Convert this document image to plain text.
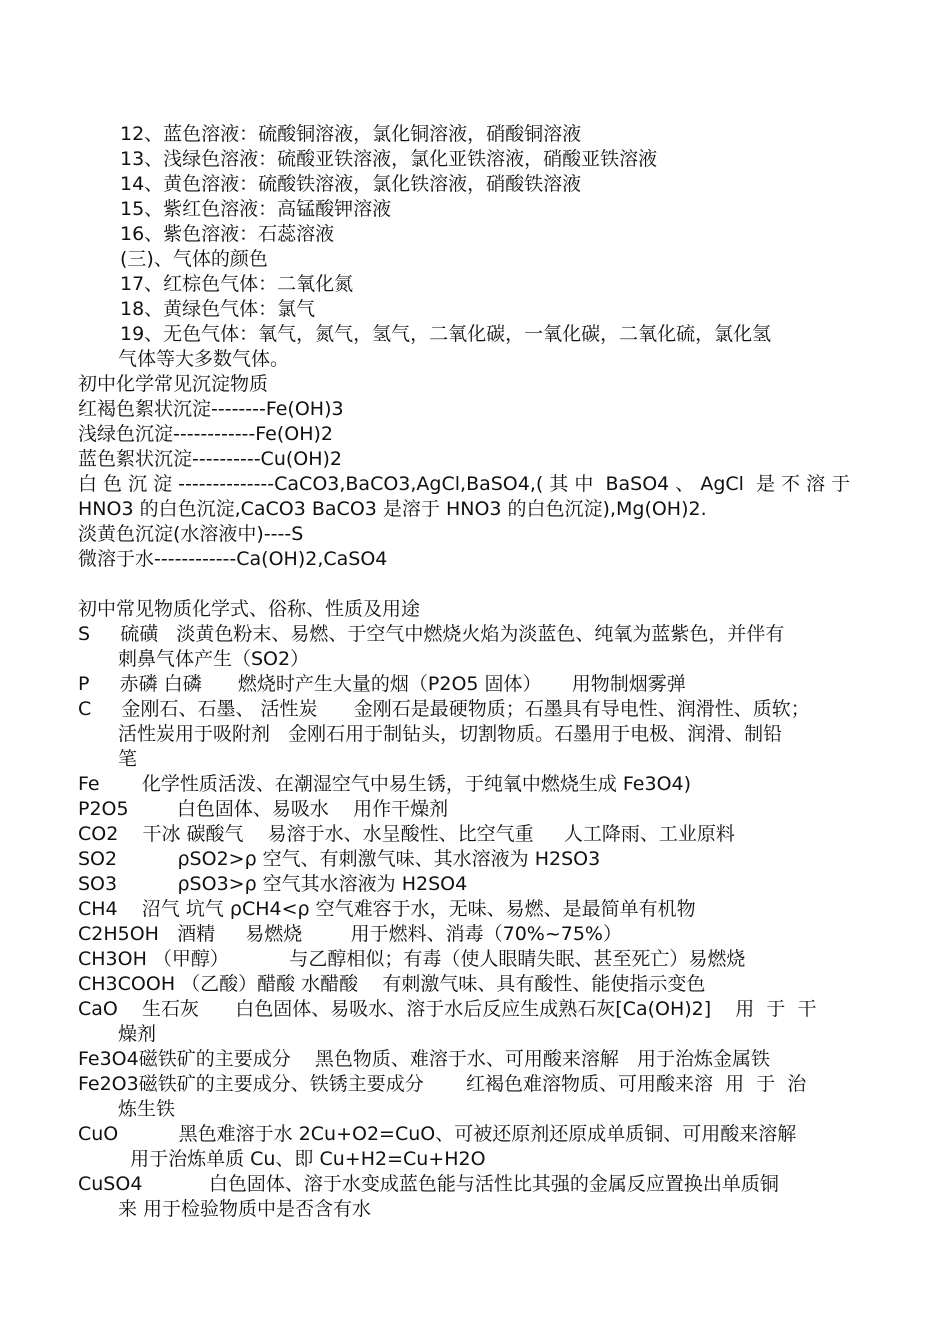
12、蓝色溶液：硫酸铜溶液，氯化铜溶液，硝酸铜溶液
13、浅绿色溶液：硫酸亚铁溶液，氯化亚铁溶液，硝酸亚铁溶液
14、黄色溶液：硫酸铁溶液，氯化铁溶液，硝酸铁溶液
15、紫红色溶液：高锰酸钾溶液
16、紫色溶液：石蕊溶液
(三)、气体的颜色
17、红棕色气体：二氧化氮
18、黄绿色气体：氯气
19、无色气体：氧气，氮气，氢气，二氧化碳，一氧化碳，二氧化硫，氯化氢
气体等大多数气体。
初中化学常见沉淀物质
红褐色絮状沉淀--------Fe(OH)3
浅绿色沉淀------------Fe(OH)2
蓝色絮状沉淀----------Cu(OH)2
白 色 沉 淀 --------------CaCO3,BaCO3,AgCl,BaSO4,( 其 中  BaSO4 、 AgCl  是 不 溶 于
HNO3 的白色沉淀,CaCO3 BaCO3 是溶于 HNO3 的白色沉淀),Mg(OH)2.
淡黄色沉淀(水溶液中)----S
微溶于水------------Ca(OH)2,CaSO4
初中常见物质化学式、俗称、性质及用途
S     硫磺   淡黄色粉末、易燃、于空气中燃烧火焰为淡蓝色、纯氧为蓝紫色，并伴有
刺鼻气体产生（SO2）
P     赤磷 白磷      燃烧时产生大量的烟（P2O5 固体）     用物制烟雾弹
C     金刚石、石墨、 活性炭      金刚石是最硬物质；石墨具有导电性、润滑性、质软；
活性炭用于吸附剂   金刚石用于制钻头，切割物质。石墨用于电极、润滑、制铅
笔
Fe       化学性质活泼、在潮湿空气中易生锈，于纯氧中燃烧生成 Fe3O4)
P2O5        白色固体、易吸水    用作干燥剂
CO2    干冰 碳酸气    易溶于水、水呈酸性、比空气重     人工降雨、工业原料
SO2          ρSO2>ρ 空气、有刺激气味、其水溶液为 H2SO3
SO3          ρSO3>ρ 空气其水溶液为 H2SO4
CH4    沼气 坑气 ρCH4<ρ 空气难容于水，无味、易燃、是最简单有机物
C2H5OH   酒精     易燃烧        用于燃料、消毒（70%~75%）
CH3OH （甲醇）          与乙醇相似；有毒（使人眼睛失眠、甚至死亡）易燃烧
CH3COOH （乙酸）醋酸 水醋酸    有刺激气味、具有酸性、能使指示变色
CaO    生石灰      白色固体、易吸水、溶于水后反应生成熟石灰[Ca(OH)2]    用  于  干
燥剂
Fe3O4磁铁矿的主要成分    黑色物质、难溶于水、可用酸来溶解   用于治炼金属铁
Fe2O3磁铁矿的主要成分、铁锈主要成分       红褐色难溶物质、可用酸来溶  用  于  治
炼生铁
CuO          黑色难溶于水 2Cu+O2=CuO、可被还原剂还原成单质铜、可用酸来溶解
用于治炼单质 Cu、即 Cu+H2=Cu+H2O
CuSO4           白色固体、溶于水变成蓝色能与活性比其强的金属反应置换出单质铜
来 用于检验物质中是否含有水
